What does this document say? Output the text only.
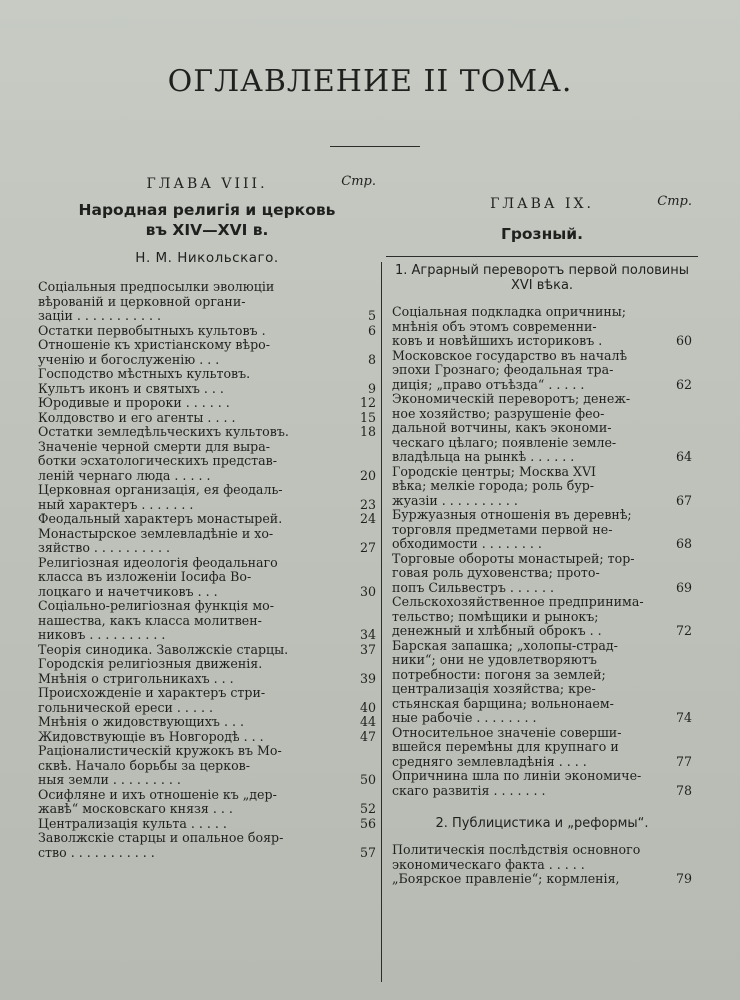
ОГЛАВЛЕНИЕ II ТОМА.
ГЛАВА VIII.	Стр.
Народная религія и церковь
въ XIV—XVI в.
Н. М. Никольскаго.
Соціальныя предпосылки эволюціи
вѣрованій и церковной органи-
заціи . . . . . . . . . . .	5
Остатки первобытныхъ культовъ .	6
Отношеніе къ христіанскому вѣро-
ученію и богослуженію . . .	8
Господство мѣстныхъ культовъ.
Культъ иконъ и святыхъ . . .	9
Юродивые и пророки . . . . . .	12
Колдовство и его агенты . . . .	15
Остатки земледѣльческихъ культовъ.	18
Значеніе черной смерти для выра-
ботки эсхатологическихъ представ-
леній чернаго люда . . . . .	20
Церковная организація, ея феодаль-
ный характеръ . . . . . . .	23
Феодальный характеръ монастырей.	24
Монастырское землевладѣніе и хо-
зяйство . . . . . . . . . .	27
Религіозная идеологія феодальнаго
класса въ изложеніи Іосифа Во-
лоцкаго и начетчиковъ . . .	30
Соціально-религіозная функція мо-
нашества, какъ класса молитвен-
никовъ . . . . . . . . . .	34
Теорія синодика. Заволжскіе старцы.	37
Городскія религіозныя движенія.
Мнѣнія о стригольникахъ . . .	39
Происхожденіе и характеръ стри-
гольнической ереси . . . . .	40
Мнѣнія о жидовствующихъ . . .	44
Жидовствующіе въ Новгородѣ . . .	47
Раціоналистическій кружокъ въ Мо-
сквѣ. Начало борьбы за церков-
ныя земли . . . . . . . . .	50
Осифляне и ихъ отношеніе къ „дер-
жавѣ“ московскаго князя . . .	52
Централизація культа . . . . .	56
Заволжскіе старцы и опальное бояр-
ство . . . . . . . . . . .	57
ГЛАВА IX.	Стр.
Грозный.
1. Аграрный переворотъ первой половины XVI вѣка.
Соціальная подкладка опричнины;
мнѣнія объ этомъ современни-
ковъ и новѣйшихъ историковъ .	60
Московское государство въ началѣ
эпохи Грознаго; феодальная тра-
диція; „право отъѣзда“ . . . . .	62
Экономическій переворотъ; денеж-
ное хозяйство; разрушеніе фео-
дальной вотчины, какъ экономи-
ческаго цѣлаго; появленіе земле-
владѣльца на рынкѣ . . . . . .	64
Городскіе центры; Москва XVI
вѣка; мелкіе города; роль бур-
жуазіи . . . . . . . . . .	67
Буржуазныя отношенія въ деревнѣ;
торговля предметами первой не-
обходимости . . . . . . . .	68
Торговые обороты монастырей; тор-
говая роль духовенства; прото-
попъ Сильвестръ . . . . . .	69
Сельскохозяйственное предпринима-
тельство; помѣщики и рынокъ;
денежный и хлѣбный оброкъ . .	72
Барская запашка; „холопы-страд-
ники“; они не удовлетворяютъ
потребности: погоня за землей;
централизація хозяйства; кре-
стьянская барщина; вольнонаем-
ные рабочіе . . . . . . . .	74
Относительное значеніе соверши-
вшейся перемѣны для крупнаго и
средняго землевладѣнія . . . .	77
Опричнина шла по линіи экономиче-
скаго развитія . . . . . . .	78
2. Публицистика и „реформы“.
Политическія послѣдствія основного
экономическаго факта . . . . .
„Боярское правленіе“; кормленія,	79
